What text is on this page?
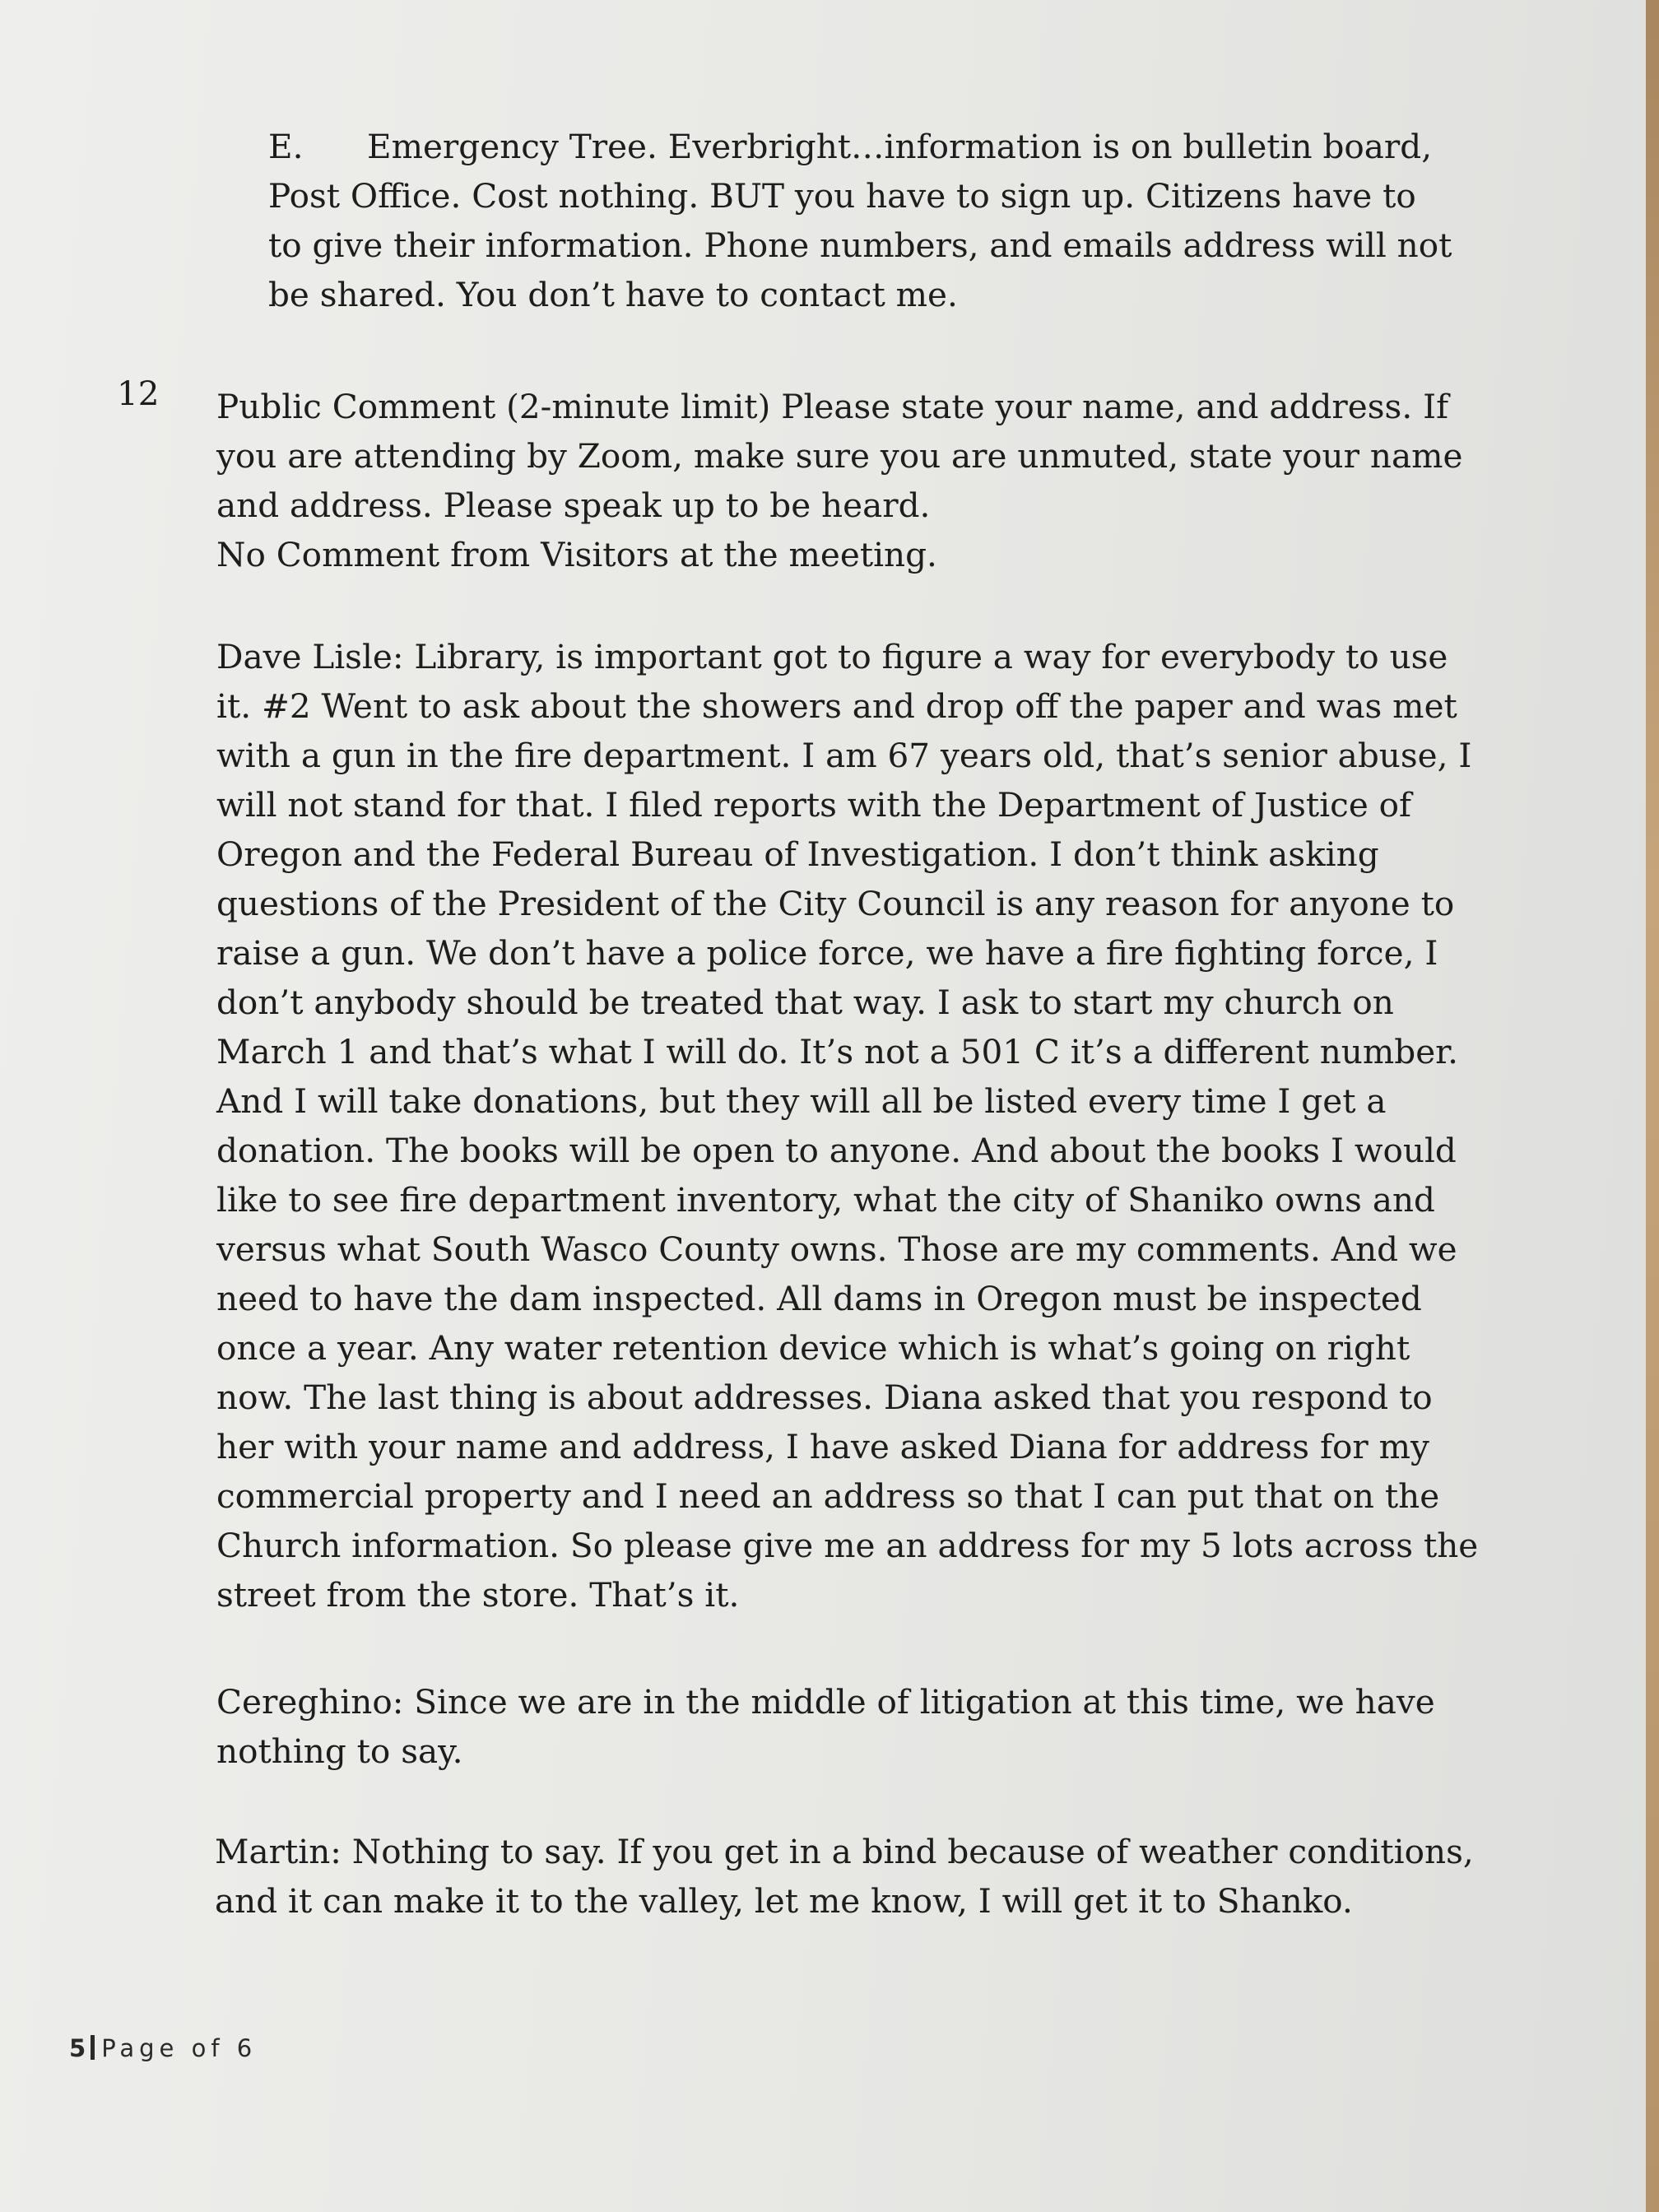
E. Emergency Tree. Everbright…information is on bulletin board,
Post Office. Cost nothing. BUT you have to sign up. Citizens have to
to give their information. Phone numbers, and emails address will not
be shared. You don’t have to contact me.
12 Public Comment (2-minute limit) Please state your name, and address. If
you are attending by Zoom, make sure you are unmuted, state your name
and address. Please speak up to be heard.
No Comment from Visitors at the meeting.
Dave Lisle: Library, is important got to figure a way for everybody to use
it. #2 Went to ask about the showers and drop off the paper and was met
with a gun in the fire department. I am 67 years old, that’s senior abuse, I
will not stand for that. I filed reports with the Department of Justice of
Oregon and the Federal Bureau of Investigation. I don’t think asking
questions of the President of the City Council is any reason for anyone to
raise a gun. We don’t have a police force, we have a fire fighting force, I
don’t anybody should be treated that way. I ask to start my church on
March 1 and that’s what I will do. It’s not a 501 C it’s a different number.
And I will take donations, but they will all be listed every time I get a
donation. The books will be open to anyone. And about the books I would
like to see fire department inventory, what the city of Shaniko owns and
versus what South Wasco County owns. Those are my comments. And we
need to have the dam inspected. All dams in Oregon must be inspected
once a year. Any water retention device which is what’s going on right
now. The last thing is about addresses. Diana asked that you respond to
her with your name and address, I have asked Diana for address for my
commercial property and I need an address so that I can put that on the
Church information. So please give me an address for my 5 lots across the
street from the store. That’s it.
Cereghino: Since we are in the middle of litigation at this time, we have
nothing to say.
Martin: Nothing to say. If you get in a bind because of weather conditions,
and it can make it to the valley, let me know, I will get it to Shanko.
5 Page of 6
